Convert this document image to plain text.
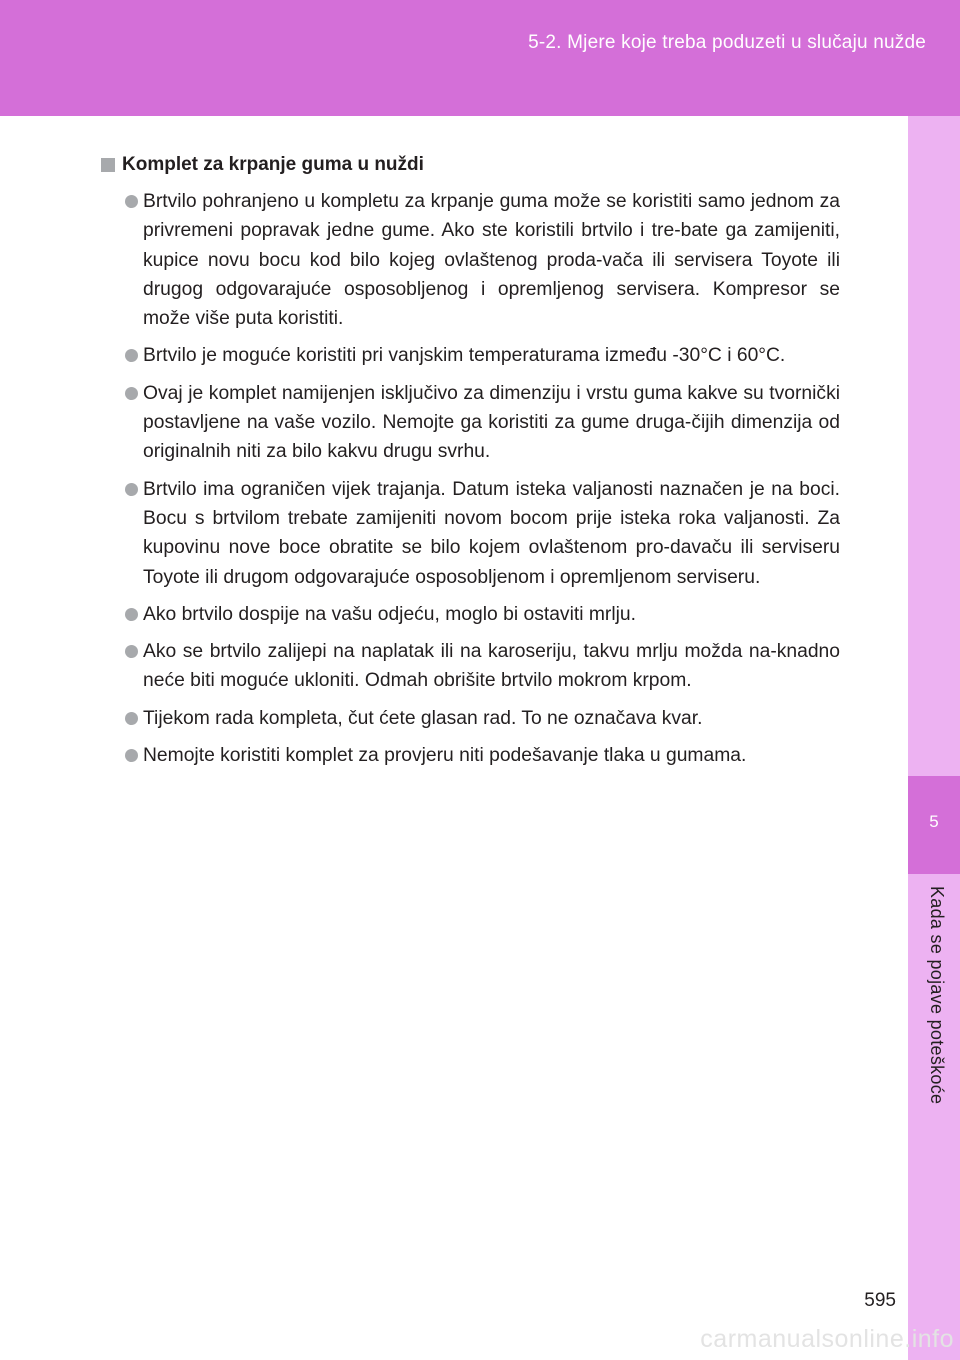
5-2. Mjere koje treba poduzeti u slučaju nužde
5
Kada se pojave poteškoće
Komplet za krpanje guma u nuždi
Brtvilo pohranjeno u kompletu za krpanje guma može se koristiti samo jednom za privremeni popravak jedne gume. Ako ste koristili brtvilo i tre-bate ga zamijeniti, kupice novu bocu kod bilo kojeg ovlaštenog proda-vača ili servisera Toyote ili drugog odgovarajuće osposobljenog i opremljenog servisera. Kompresor se može više puta koristiti.
Brtvilo je moguće koristiti pri vanjskim temperaturama između -30°C i 60°C.
Ovaj je komplet namijenjen isključivo za dimenziju i vrstu guma kakve su tvornički postavljene na vaše vozilo. Nemojte ga koristiti za gume druga-čijih dimenzija od originalnih niti za bilo kakvu drugu svrhu.
Brtvilo ima ograničen vijek trajanja. Datum isteka valjanosti naznačen je na boci. Bocu s brtvilom trebate zamijeniti novom bocom prije isteka roka valjanosti. Za kupovinu nove boce obratite se bilo kojem ovlaštenom pro-davaču ili serviseru Toyote ili drugom odgovarajuće osposobljenom i opremljenom serviseru.
Ako brtvilo dospije na vašu odjeću, moglo bi ostaviti mrlju.
Ako se brtvilo zalijepi na naplatak ili na karoseriju, takvu mrlju možda na-knadno neće biti moguće ukloniti. Odmah obrišite brtvilo mokrom krpom.
Tijekom rada kompleta, čut ćete glasan rad. To ne označava kvar.
Nemojte koristiti komplet za provjeru niti podešavanje tlaka u gumama.
595
carmanualsonline.info
